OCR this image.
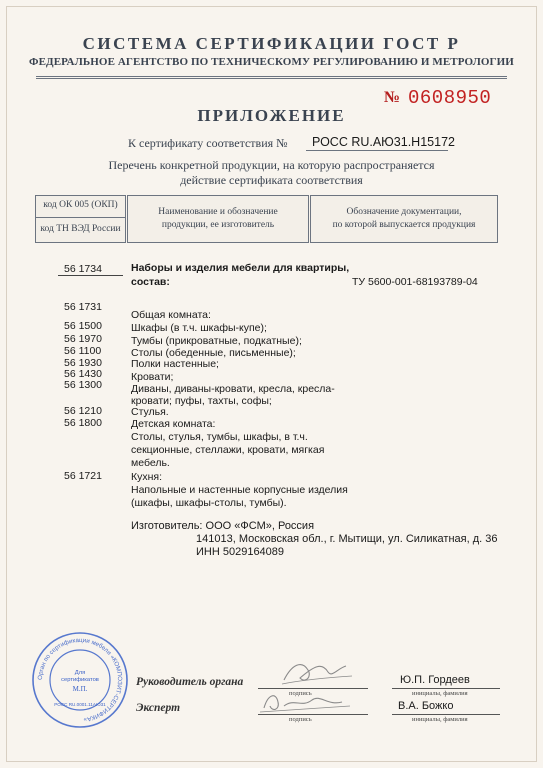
СИСТЕМА СЕРТИФИКАЦИИ ГОСТ Р
ФЕДЕРАЛЬНОЕ АГЕНТСТВО ПО ТЕХНИЧЕСКОМУ РЕГУЛИРОВАНИЮ И МЕТРОЛОГИИ
№ 0608950
ПРИЛОЖЕНИЕ
К сертификату соответствия № РОСС RU.АЮ31.Н15172
Перечень конкретной продукции, на которую распространяется
действие сертификата соответствия
код ОК 005 (ОКП)
код ТН ВЭД России
Наименование и обозначение
продукции, ее изготовитель
Обозначение документации,
по которой выпускается продукция
56 1734	Наборы и изделия мебели для квартиры,
состав:	ТУ 5600-001-68193789-04
56 1731
Общая комната:
56 1500	Шкафы (в т.ч. шкафы-купе);
56 1970	Тумбы (прикроватные, подкатные);
56 1100	Столы (обеденные, письменные);
56 1930	Полки настенные;
56 1430	Кровати;
56 1300	Диваны, диваны-кровати, кресла, кресла-
кровати; пуфы, тахты, софы;
56 1210	Стулья.
56 1800	Детская комната:
Столы, стулья, тумбы, шкафы, в т.ч.
секционные, стеллажи, кровати, мягкая
мебель.
56 1721	Кухня:
Напольные и настенные корпусные изделия
(шкафы, шкафы-столы, тумбы).
Изготовитель: ООО «ФСМ», Россия
141013, Московская обл., г. Мытищи, ул. Силикатная, д. 36
ИНН 5029164089
Орган по сертификации мебели «КОМПОЗИТ-СЕРТИФИКА»
Для
сертификатов
М.П.
РОСС RU.0001.11АЮ31
Руководитель органа
подпись
Ю.П. Гордеев
инициалы, фамилия
Эксперт
подпись
В.А. Божко
инициалы, фамилия
